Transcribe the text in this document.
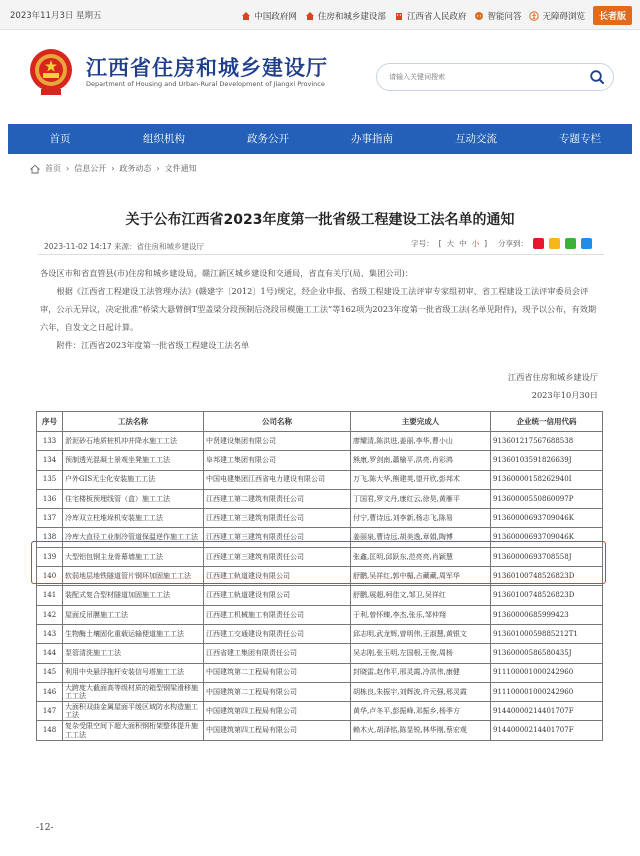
2023年11月3日 星期五	中国政府网 住房和城乡建设部 江西省人民政府 智能问答 无障碍浏览	长者版
江西省住房和城乡建设厅
Department of Housing and Urban-Rural Development of Jiangxi Province
请输入关键词搜索
首页	组织机构	政务公开	办事指南	互动交流	专题专栏
首页 › 信息公开 › 政务动态 › 文件通知
关于公布江西省2023年度第一批省级工程建设工法名单的通知
2023-11-02 14:17 来源：省住房和城乡建设厅	字号： [ 大 中 小 ] 分享到：

各设区市和省直管县(市)住房和城乡建设局，赣江新区城乡建设和交通局，省直有关厅(局、集团公司)：

根据《江西省工程建设工法管理办法》(赣建字〔2012〕1号)规定，经企业申报、省级工程建设工法评审专家组初审、省工程建设工法评审委员会评审，公示无异议，决定批准“桥梁大悬臂倒T型盖梁分段预制后浇段吊模施工工法”等162项为2023年度第一批省级工法(名单见附件)，现予以公布，有效期六年，自发文之日起计算。

附件：江西省2023年度第一批省级工程建设工法名单

江西省住房和城乡建设厅
2023年10月30日
序号	工法名称	公司名称	主要完成人	企业统一信用代码
133	淤泥砂石地质桩机冲并降水施工工法	中贤建设集团有限公司	廖耀清,陈洪进,姜丽,李华,曹小山	913601217567688538
134	预制透光混凝土景观坐凳施工工法	阜邦建工集团有限公司	熊康,罗剑南,蕭榆平,洪亮,肖彩鸿	91360103591826639J
135	户外GIS无尘化安装施工工法	中国电建集团江西省电力建设有限公司	万飞,陈大华,熊建英,望开欣,彭邦术	91360000158262940I
136	住宅楼板预埋线管（盒）施工工法	江西建工第二建筑有限责任公司	丁国君,罗文丹,康红云,徐昊,黄雁平	91360000550860097P
137	冷库双立柱堆垛机安装施工工法	江西建工第三建筑有限责任公司	付宁,曹诗远,刘李新,杨志飞,陈易	91360000693709046K
138	冷库大直径工业制冷管道保温逆作施工工法	江西建工第三建筑有限责任公司	姜丽泉,曹诗远,胡美逸,章娟,陶博	91360000693709046K
139	大型铝包钢主龙骨幕墙施工工法	江西建工第三建筑有限责任公司	张鑫,匡明,邱跃东,范亮亮,肖颖慧	91360000693708558J
140	软弱地层地铁隧道管片钢环加固施工工法	江西建工轨道建设有限公司	舒鹏,吴祥红,郭中楣,占藏藏,周军华	91360100748526823D
141	装配式复合型材隧道加固施工工法	江西建工轨道建设有限公司	舒鹏,展超,柯佳文,邹卫,吴祥红	91360100748526823D
142	屋面反吊膜施工工法	江西建工机械施工有限责任公司	于利,曾怀臻,李杰,张乐,邹仲翔	91360000685999423
143	生物酶土壤固化重载运输便道施工工法	江西建工交通建设有限责任公司	邱志明,武龙辉,曾明伟,王淑慧,黄银文	91360100059885212T1
144	泵管清洗施工工法	江西省建工集团有限责任公司	吴志刚,张玉明,左国根,王俊,周杨	91360000586580435J
145	利用中央悬浮拖杆安装信号塔施工工法	中国建筑第二工程局有限公司	封晓雷,赵伟平,邢灵霞,冷洪伟,康健	911100001000242960
146	大跨度大截面高等级材质的箱型钢梁滑移施工工法	中国建筑第二工程局有限公司	胡栋良,朱振宇,刘辉波,许元强,邢灵霞	911100001000242960
147	大面积双曲金属屋面平缓区域防水构造施工工法	中国建筑第四工程局有限公司	黄华,卢冬平,彭振峰,邓振乡,杨季方	91440000214401707F
148	复杂受限空间下超大面积钢桁架整体提升施工工法	中国建筑第四工程局有限公司	赖木火,胡泽铭,陈显锐,林华刚,蔡宏观	91440000214401707F
-12-
